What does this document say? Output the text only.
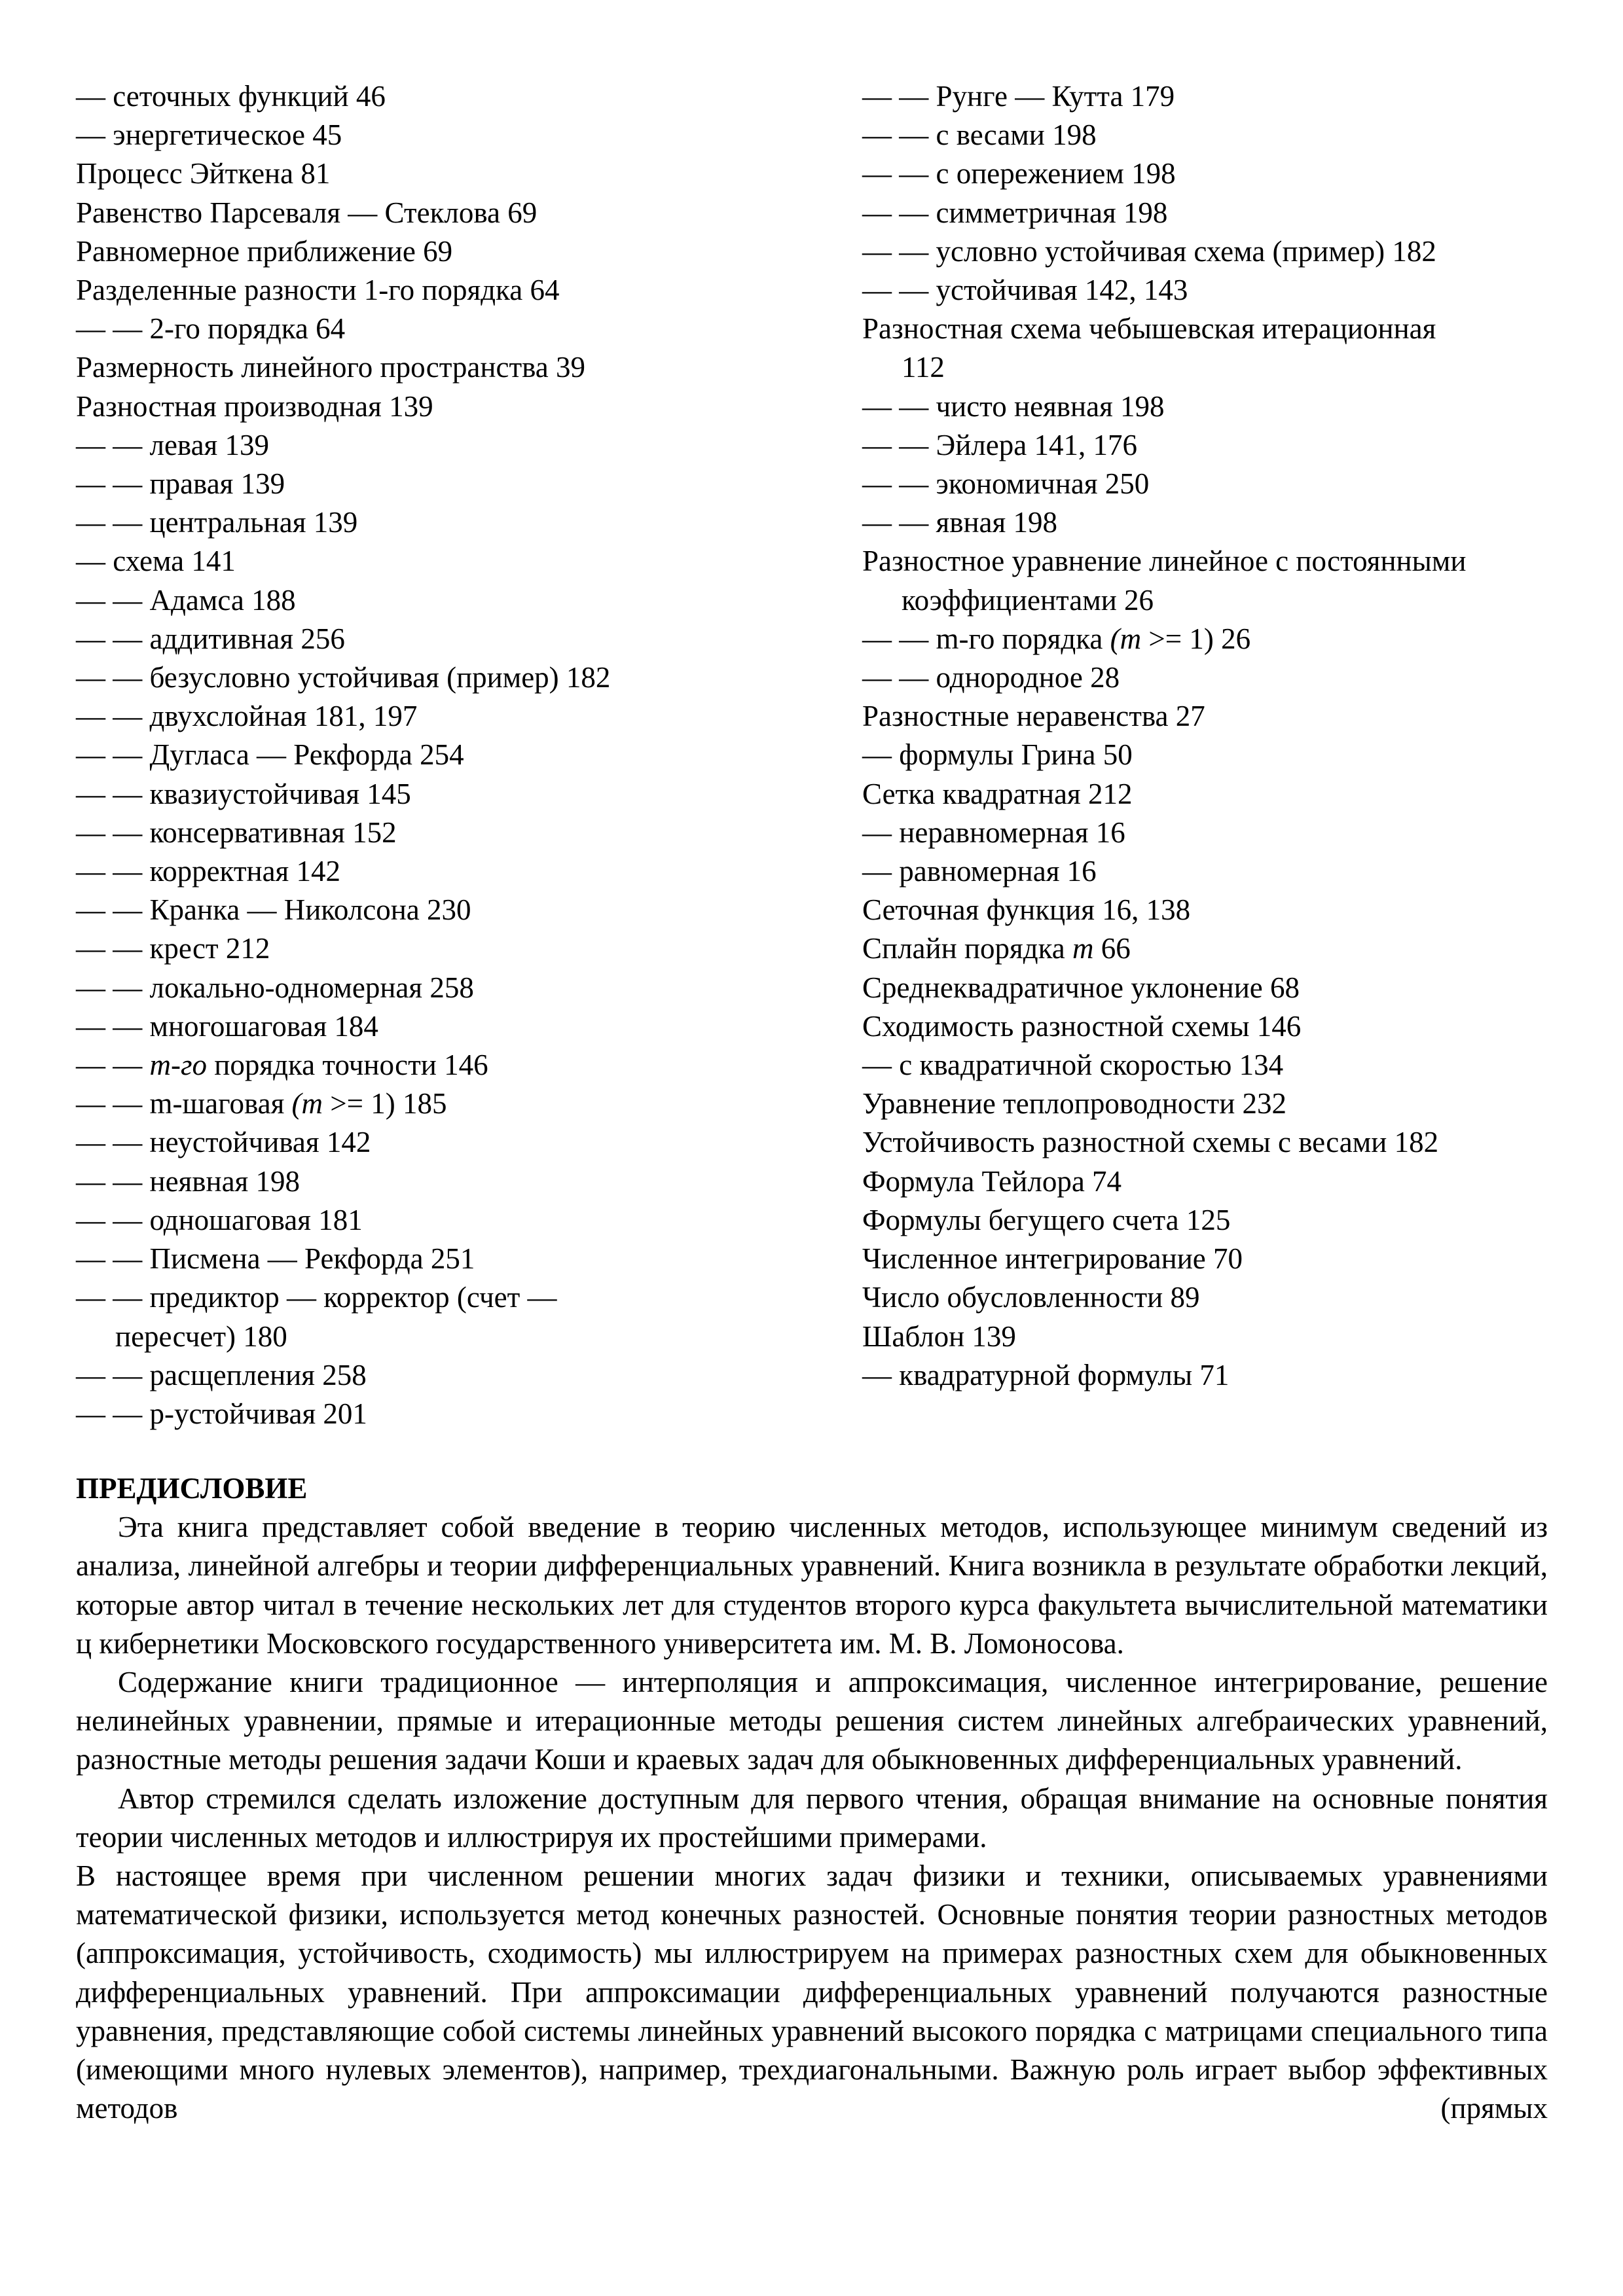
— сеточных функций 46
— энергетическое 45
Процесс Эйткена 81
Равенство Парсеваля — Стеклова 69
Равномерное приближение 69
Разделенные разности 1-го порядка 64
— — 2-го порядка 64
Размерность линейного пространства 39
Разностная производная 139
— — левая 139
— — правая 139
— — центральная 139
— схема 141
— — Адамса 188
— — аддитивная 256
— — безусловно устойчивая (пример) 182
— — двухслойная 181, 197
— — Дугласа — Рекфорда 254
— — квазиустойчивая 145
— — консервативная 152
— — корректная 142
— — Кранка — Николсона 230
— — крест 212
— — локально-одномерная 258
— — многошаговая 184
— — m-го порядка точности 146
— — m-шаговая (m >= 1) 185
— — неустойчивая 142
— — неявная 198
— — одношаговая 181
— — Писмена — Рекфорда 251
— — предиктор — корректор (счет —
пересчет) 180
— — расщепления 258
— — р-устойчивая 201
— — Рунге — Кутта 179
— — с весами 198
— — с опережением 198
— — симметричная 198
— — условно устойчивая схема (пример) 182
— — устойчивая 142, 143
Разностная схема чебышевская итерационная
112
— — чисто неявная 198
— — Эйлера 141, 176
— — экономичная 250
— — явная 198
Разностное уравнение линейное с постоянными
коэффициентами 26
— — m-го порядка (m >= 1) 26
— — однородное 28
Разностные неравенства 27
— формулы Грина 50
Сетка квадратная 212
— неравномерная 16
— равномерная 16
Сеточная функция 16, 138
Сплайн порядка m 66
Среднеквадратичное уклонение 68
Сходимость разностной схемы 146
— с квадратичной скоростью 134
Уравнение теплопроводности 232
Устойчивость разностной схемы с весами 182
Формула Тейлора 74
Формулы бегущего счета 125
Численное интегрирование 70
Число обусловленности 89
Шаблон 139
— квадратурной формулы 71

ПРЕДИСЛОВИЕ

Эта книга представляет собой введение в теорию численных методов, использующее минимум сведений из анализа, линейной алгебры и теории дифференциальных уравнений. Книга возникла в результате обработки лекций, которые автор читал в течение нескольких лет для студентов второго курса факультета вычислительной математики ц кибернетики Московского государственного университета им. М. В. Ломоносова.

Содержание книги традиционное — интерполяция и аппроксимация, численное интегрирование, решение нелинейных уравнении, прямые и итерационные методы решения систем линейных алгебраических уравнений, разностные методы решения задачи Коши и краевых задач для обыкновенных дифференциальных уравнений.

Автор стремился сделать изложение доступным для первого чтения, обращая внимание на основные понятия теории численных методов и иллюстрируя их простейшими примерами.

В настоящее время при численном решении многих задач физики и техники, описываемых уравнениями математической физики, используется метод конечных разностей. Основные понятия теории разностных методов (аппроксимация, устойчивость, сходимость) мы иллюстрируем на примерах разностных схем для обыкновенных дифференциальных уравнений. При аппроксимации дифференциальных уравнений получаются разностные уравнения, представляющие собой системы линейных уравнений высокого порядка с матрицами специального типа (имеющими много нулевых элементов), например, трехдиагональными. Важную роль играет выбор эффективных методов (прямых
